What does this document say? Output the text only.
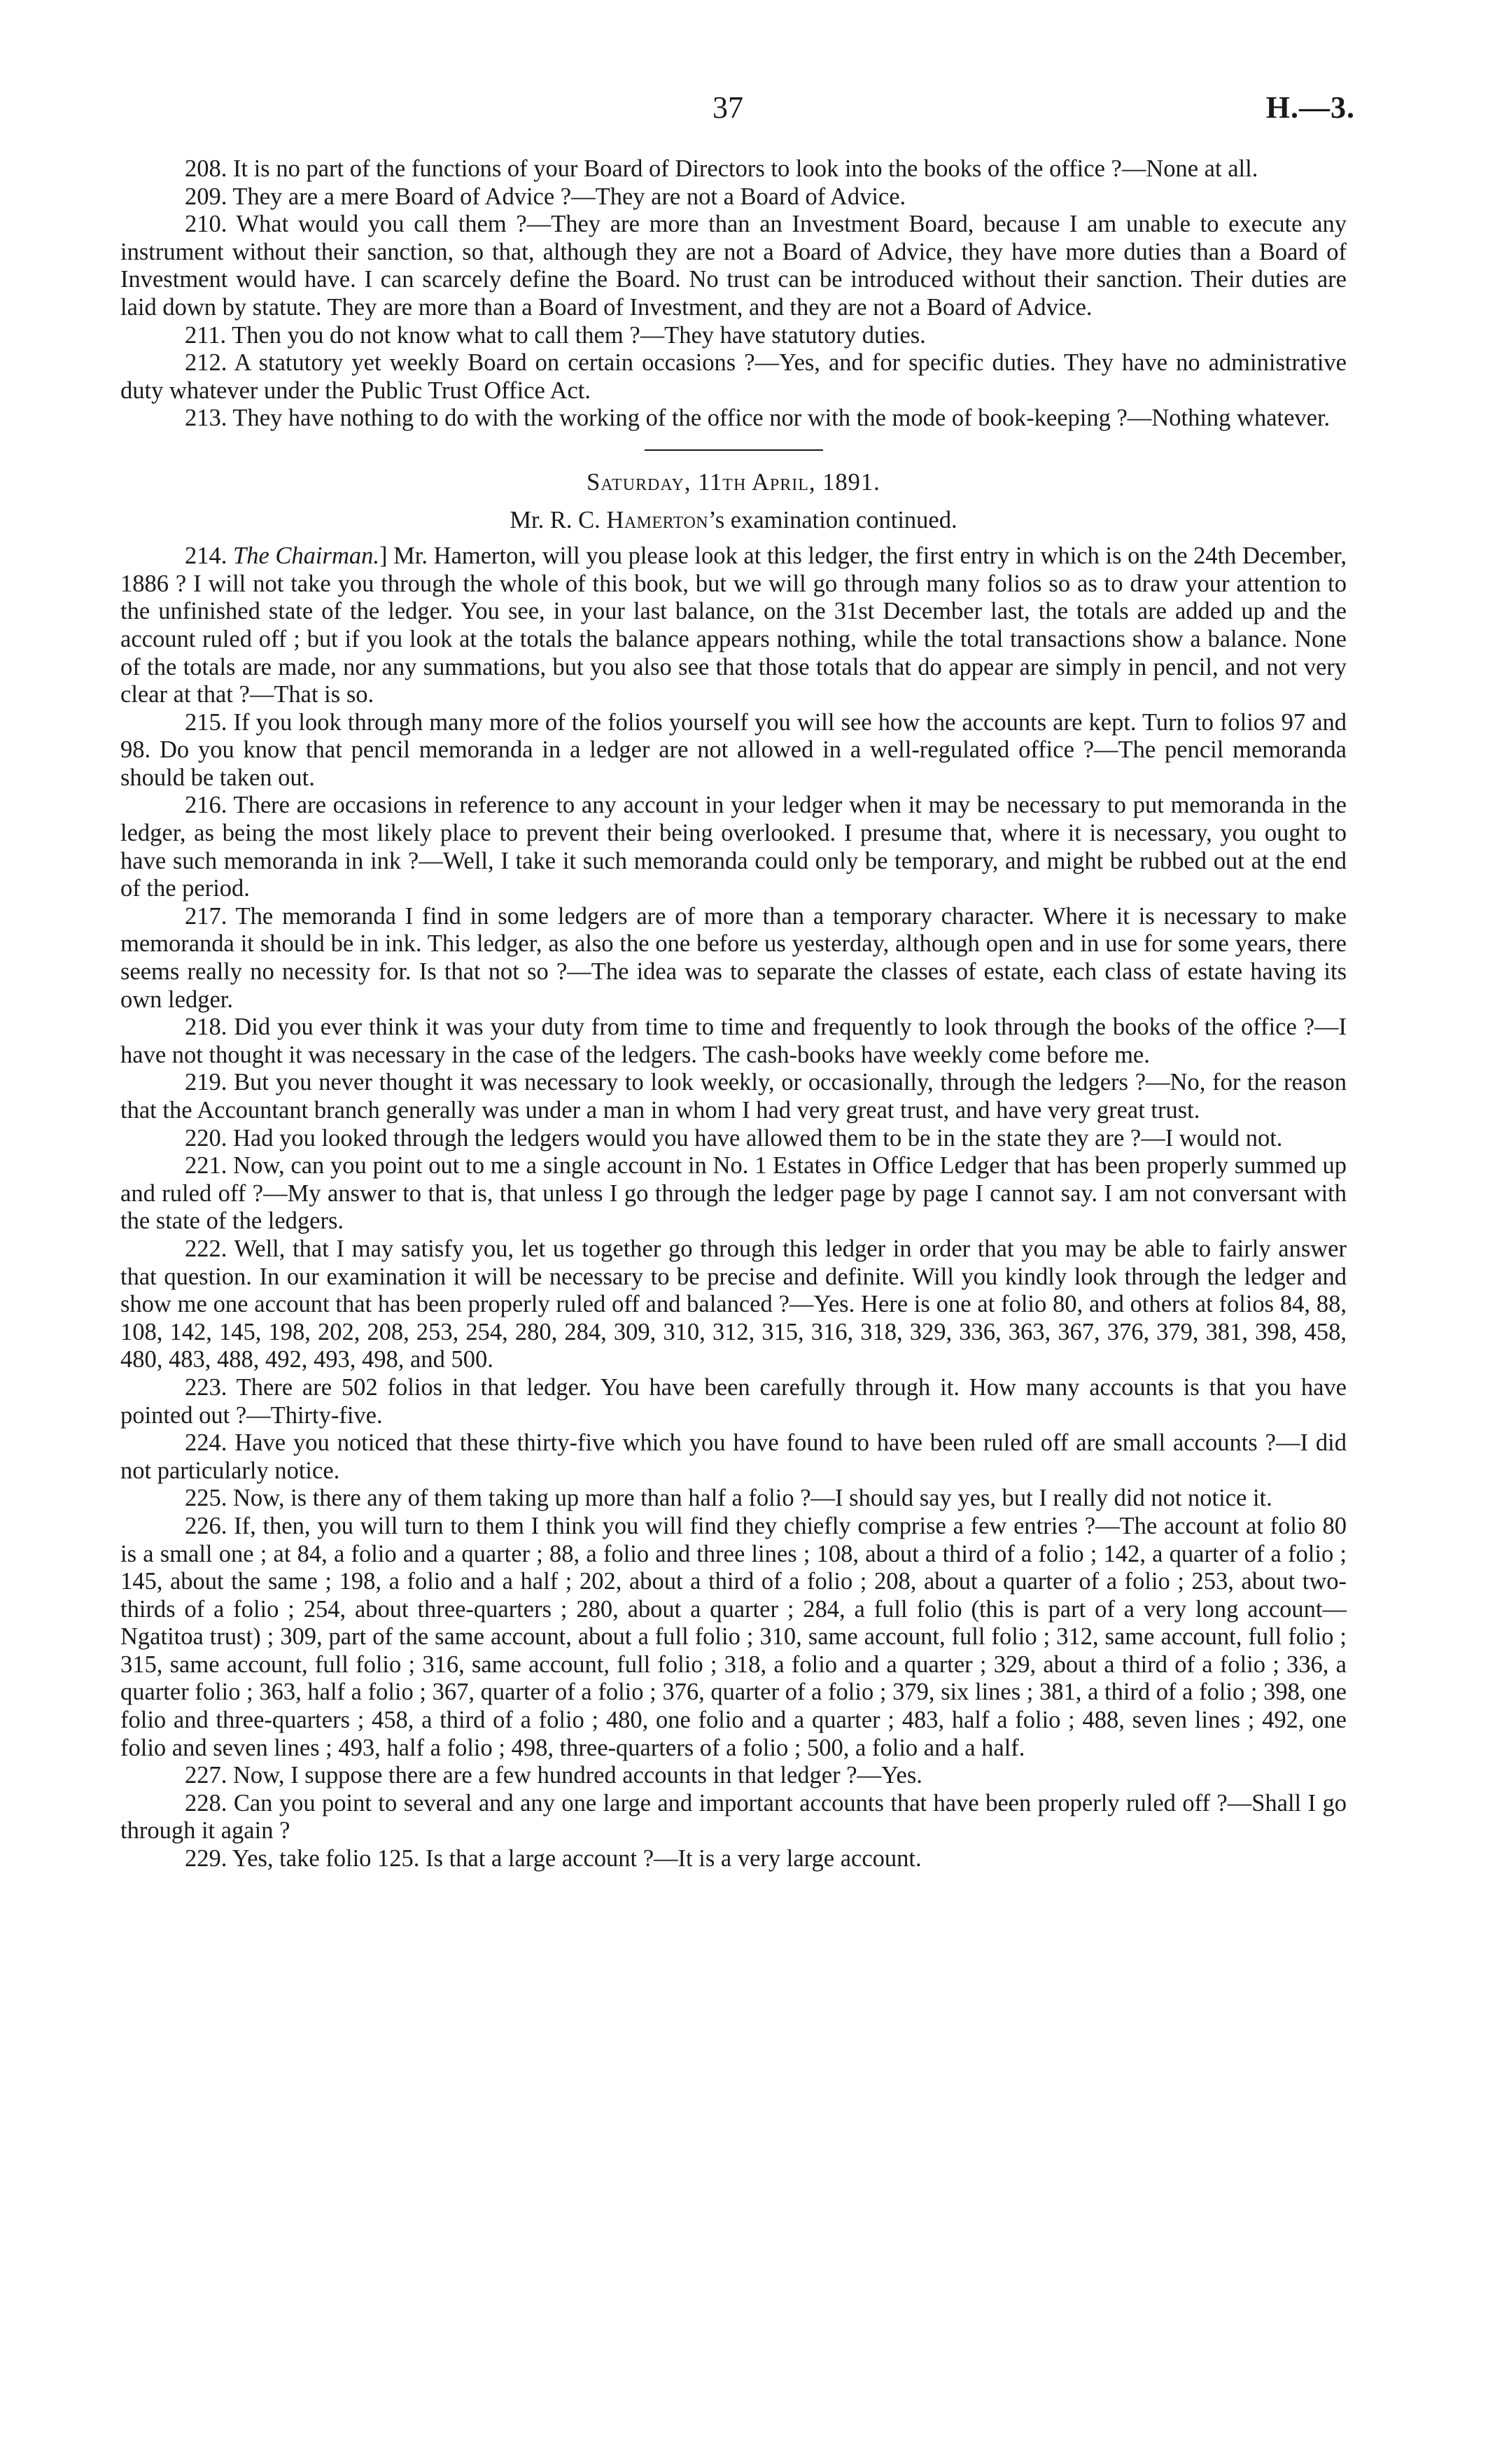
37	H.—3.

208. It is no part of the functions of your Board of Directors to look into the books of the office ?—None at all.

209. They are a mere Board of Advice ?—They are not a Board of Advice.

210. What would you call them ?—They are more than an Investment Board, because I am unable to execute any instrument without their sanction, so that, although they are not a Board of Advice, they have more duties than a Board of Investment would have. I can scarcely define the Board. No trust can be introduced without their sanction. Their duties are laid down by statute. They are more than a Board of Investment, and they are not a Board of Advice.

211. Then you do not know what to call them ?—They have statutory duties.

212. A statutory yet weekly Board on certain occasions ?—Yes, and for specific duties. They have no administrative duty whatever under the Public Trust Office Act.

213. They have nothing to do with the working of the office nor with the mode of book-keeping ?—Nothing whatever.

Saturday, 11th April, 1891.

Mr. R. C. Hamerton’s examination continued.

214. The Chairman.] Mr. Hamerton, will you please look at this ledger, the first entry in which is on the 24th December, 1886 ? I will not take you through the whole of this book, but we will go through many folios so as to draw your attention to the unfinished state of the ledger. You see, in your last balance, on the 31st December last, the totals are added up and the account ruled off ; but if you look at the totals the balance appears nothing, while the total transactions show a balance. None of the totals are made, nor any summations, but you also see that those totals that do appear are simply in pencil, and not very clear at that ?—That is so.

215. If you look through many more of the folios yourself you will see how the accounts are kept. Turn to folios 97 and 98. Do you know that pencil memoranda in a ledger are not allowed in a well-regulated office ?—The pencil memoranda should be taken out.

216. There are occasions in reference to any account in your ledger when it may be necessary to put memoranda in the ledger, as being the most likely place to prevent their being overlooked. I presume that, where it is necessary, you ought to have such memoranda in ink ?—Well, I take it such memoranda could only be temporary, and might be rubbed out at the end of the period.

217. The memoranda I find in some ledgers are of more than a temporary character. Where it is necessary to make memoranda it should be in ink. This ledger, as also the one before us yesterday, although open and in use for some years, there seems really no necessity for. Is that not so ?—The idea was to separate the classes of estate, each class of estate having its own ledger.

218. Did you ever think it was your duty from time to time and frequently to look through the books of the office ?—I have not thought it was necessary in the case of the ledgers. The cash-books have weekly come before me.

219. But you never thought it was necessary to look weekly, or occasionally, through the ledgers ?—No, for the reason that the Accountant branch generally was under a man in whom I had very great trust, and have very great trust.

220. Had you looked through the ledgers would you have allowed them to be in the state they are ?—I would not.

221. Now, can you point out to me a single account in No. 1 Estates in Office Ledger that has been properly summed up and ruled off ?—My answer to that is, that unless I go through the ledger page by page I cannot say. I am not conversant with the state of the ledgers.

222. Well, that I may satisfy you, let us together go through this ledger in order that you may be able to fairly answer that question. In our examination it will be necessary to be precise and definite. Will you kindly look through the ledger and show me one account that has been properly ruled off and balanced ?—Yes. Here is one at folio 80, and others at folios 84, 88, 108, 142, 145, 198, 202, 208, 253, 254, 280, 284, 309, 310, 312, 315, 316, 318, 329, 336, 363, 367, 376, 379, 381, 398, 458, 480, 483, 488, 492, 493, 498, and 500.

223. There are 502 folios in that ledger. You have been carefully through it. How many accounts is that you have pointed out ?—Thirty-five.

224. Have you noticed that these thirty-five which you have found to have been ruled off are small accounts ?—I did not particularly notice.

225. Now, is there any of them taking up more than half a folio ?—I should say yes, but I really did not notice it.

226. If, then, you will turn to them I think you will find they chiefly comprise a few entries ?—The account at folio 80 is a small one ; at 84, a folio and a quarter ; 88, a folio and three lines ; 108, about a third of a folio ; 142, a quarter of a folio ; 145, about the same ; 198, a folio and a half ; 202, about a third of a folio ; 208, about a quarter of a folio ; 253, about two-thirds of a folio ; 254, about three-quarters ; 280, about a quarter ; 284, a full folio (this is part of a very long account—Ngatitoa trust) ; 309, part of the same account, about a full folio ; 310, same account, full folio ; 312, same account, full folio ; 315, same account, full folio ; 316, same account, full folio ; 318, a folio and a quarter ; 329, about a third of a folio ; 336, a quarter folio ; 363, half a folio ; 367, quarter of a folio ; 376, quarter of a folio ; 379, six lines ; 381, a third of a folio ; 398, one folio and three-quarters ; 458, a third of a folio ; 480, one folio and a quarter ; 483, half a folio ; 488, seven lines ; 492, one folio and seven lines ; 493, half a folio ; 498, three-quarters of a folio ; 500, a folio and a half.

227. Now, I suppose there are a few hundred accounts in that ledger ?—Yes.

228. Can you point to several and any one large and important accounts that have been properly ruled off ?—Shall I go through it again ?

229. Yes, take folio 125. Is that a large account ?—It is a very large account.
